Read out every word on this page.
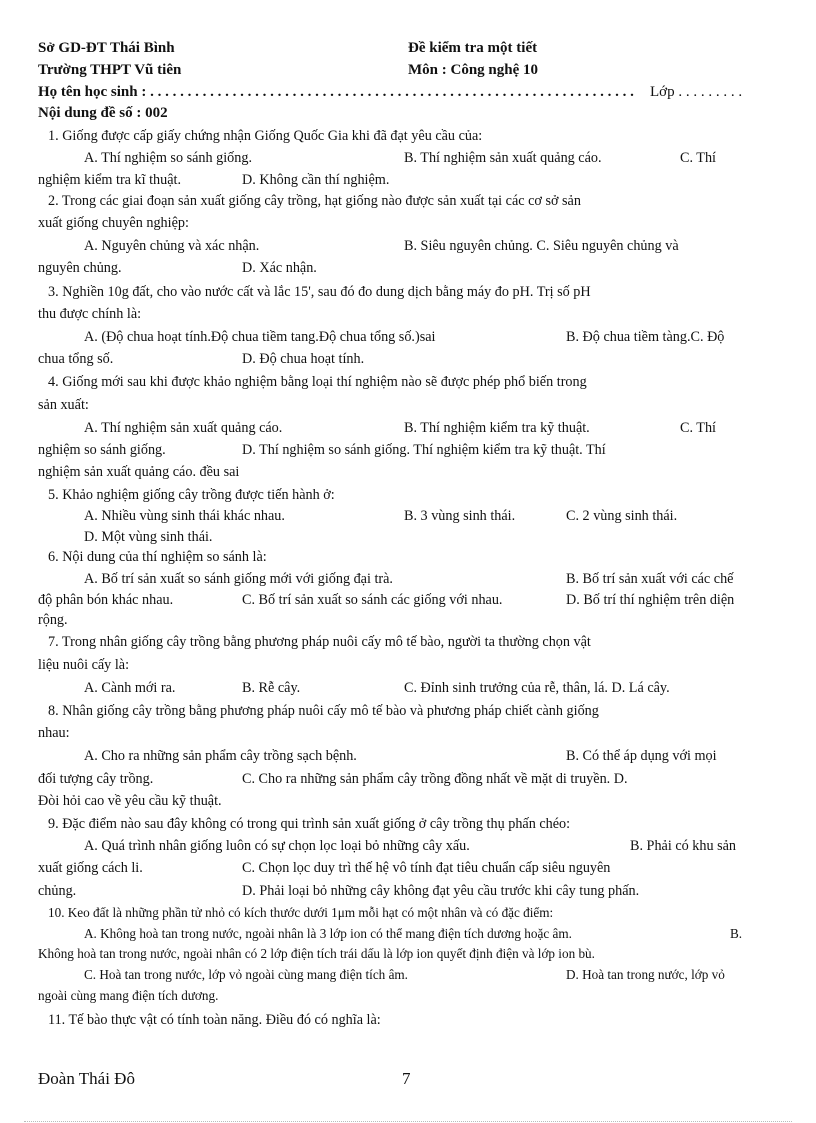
Sở GD-ĐT Thái Bình	Đề kiểm tra một tiết
Trường THPT Vũ tiên	Môn : Công nghệ 10
Họ tên học sinh : . . . . . . . . . . . . . . . . . . . . . . . . . . . . . . . . . . . . . . . . . . . . . . . . . . . . . . . . . . . . . . . . . Lớp . . . . . . . . .
Nội dung đề số : 002
1. Giống được cấp giấy chứng nhận Giống Quốc Gia khi đã đạt yêu cầu của:
A. Thí nghiệm so sánh giống.	B. Thí nghiệm sản xuất quảng cáo.	C. Thí
nghiệm kiểm tra kĩ thuật.	D. Không cần thí nghiệm.
2. Trong các giai đoạn sản xuất giống cây trồng, hạt giống nào được sản xuất tại các cơ sở sản
xuất giống chuyên nghiệp:
A. Nguyên chủng và xác nhận.	B. Siêu nguyên chủng. C. Siêu nguyên chủng và
nguyên chủng.	D. Xác nhận.
3. Nghiền 10g đất, cho vào nước cất và lắc 15', sau đó đo dung dịch bằng máy đo pH. Trị số pH
thu được chính là:
A. (Độ chua hoạt tính.Độ chua tiềm tang.Độ chua tổng số.)sai	B. Độ chua tiềm tàng.C. Độ
chua tổng số.	D. Độ chua hoạt tính.
4. Giống mới sau khi được khảo nghiệm bằng loại thí nghiệm nào sẽ được phép phổ biến trong
sản xuất:
A. Thí nghiệm sản xuất quảng cáo.	B. Thí nghiệm kiểm tra kỹ thuật.	C. Thí
nghiệm so sánh giống.	D. Thí nghiệm so sánh giống. Thí nghiệm kiểm tra kỹ thuật. Thí
nghiệm sản xuất quảng cáo. đều sai
5. Khảo nghiệm giống cây trồng được tiến hành ở:
A. Nhiều vùng sinh thái khác nhau.	B. 3 vùng sinh thái.	C. 2 vùng sinh thái.
D. Một vùng sinh thái.
6. Nội dung của thí nghiệm so sánh là:
A. Bố trí sản xuất so sánh giống mới với giống đại trà.	B. Bố trí sản xuất với các chế
độ phân bón khác nhau.	C. Bố trí sản xuất so sánh các giống với nhau.	D. Bố trí thí nghiệm trên diện
rộng.
7. Trong nhân giống cây trồng bằng phương pháp nuôi cấy mô tế bào, người ta thường chọn vật
liệu nuôi cấy là:
A. Cành mới ra.	B. Rễ cây.	C. Đỉnh sinh trưởng của rễ, thân, lá. D. Lá cây.
8. Nhân giống cây trồng bằng phương pháp nuôi cấy mô tế bào và phương pháp chiết cành giống
nhau:
A. Cho ra những sản phẩm cây trồng sạch bệnh.	B. Có thể áp dụng với mọi
đối tượng cây trồng.	C. Cho ra những sản phẩm cây trồng đồng nhất về mặt di truyền. D.
Đòi hỏi cao về yêu cầu kỹ thuật.
9. Đặc điểm nào sau đây không có trong qui trình sản xuất giống ở cây trồng thụ phấn chéo:
A. Quá trình nhân giống luôn có sự chọn lọc loại bỏ những cây xấu.	B. Phải có khu sản
xuất giống cách li.	C. Chọn lọc duy trì thế hệ vô tính đạt tiêu chuẩn cấp siêu nguyên
chủng.	D. Phải loại bỏ những cây không đạt yêu cầu trước khi cây tung phấn.
10. Keo đất là những phần tử nhỏ có kích thước dưới 1μm mỗi hạt có một nhân và có đặc điểm:
A. Không hoà tan trong nước, ngoài nhân là 3 lớp ion có thể mang điện tích dương hoặc âm.	B.
Không hoà tan trong nước, ngoài nhân có 2 lớp điện tích trái dấu là lớp ion quyết định điện và lớp ion bù.
C. Hoà tan trong nước, lớp vỏ ngoài cùng mang điện tích âm.	D. Hoà tan trong nước, lớp vỏ
ngoài cùng mang điện tích dương.
11. Tế bào thực vật có tính toàn năng. Điều đó có nghĩa là:
Đoàn Thái Đô	7
